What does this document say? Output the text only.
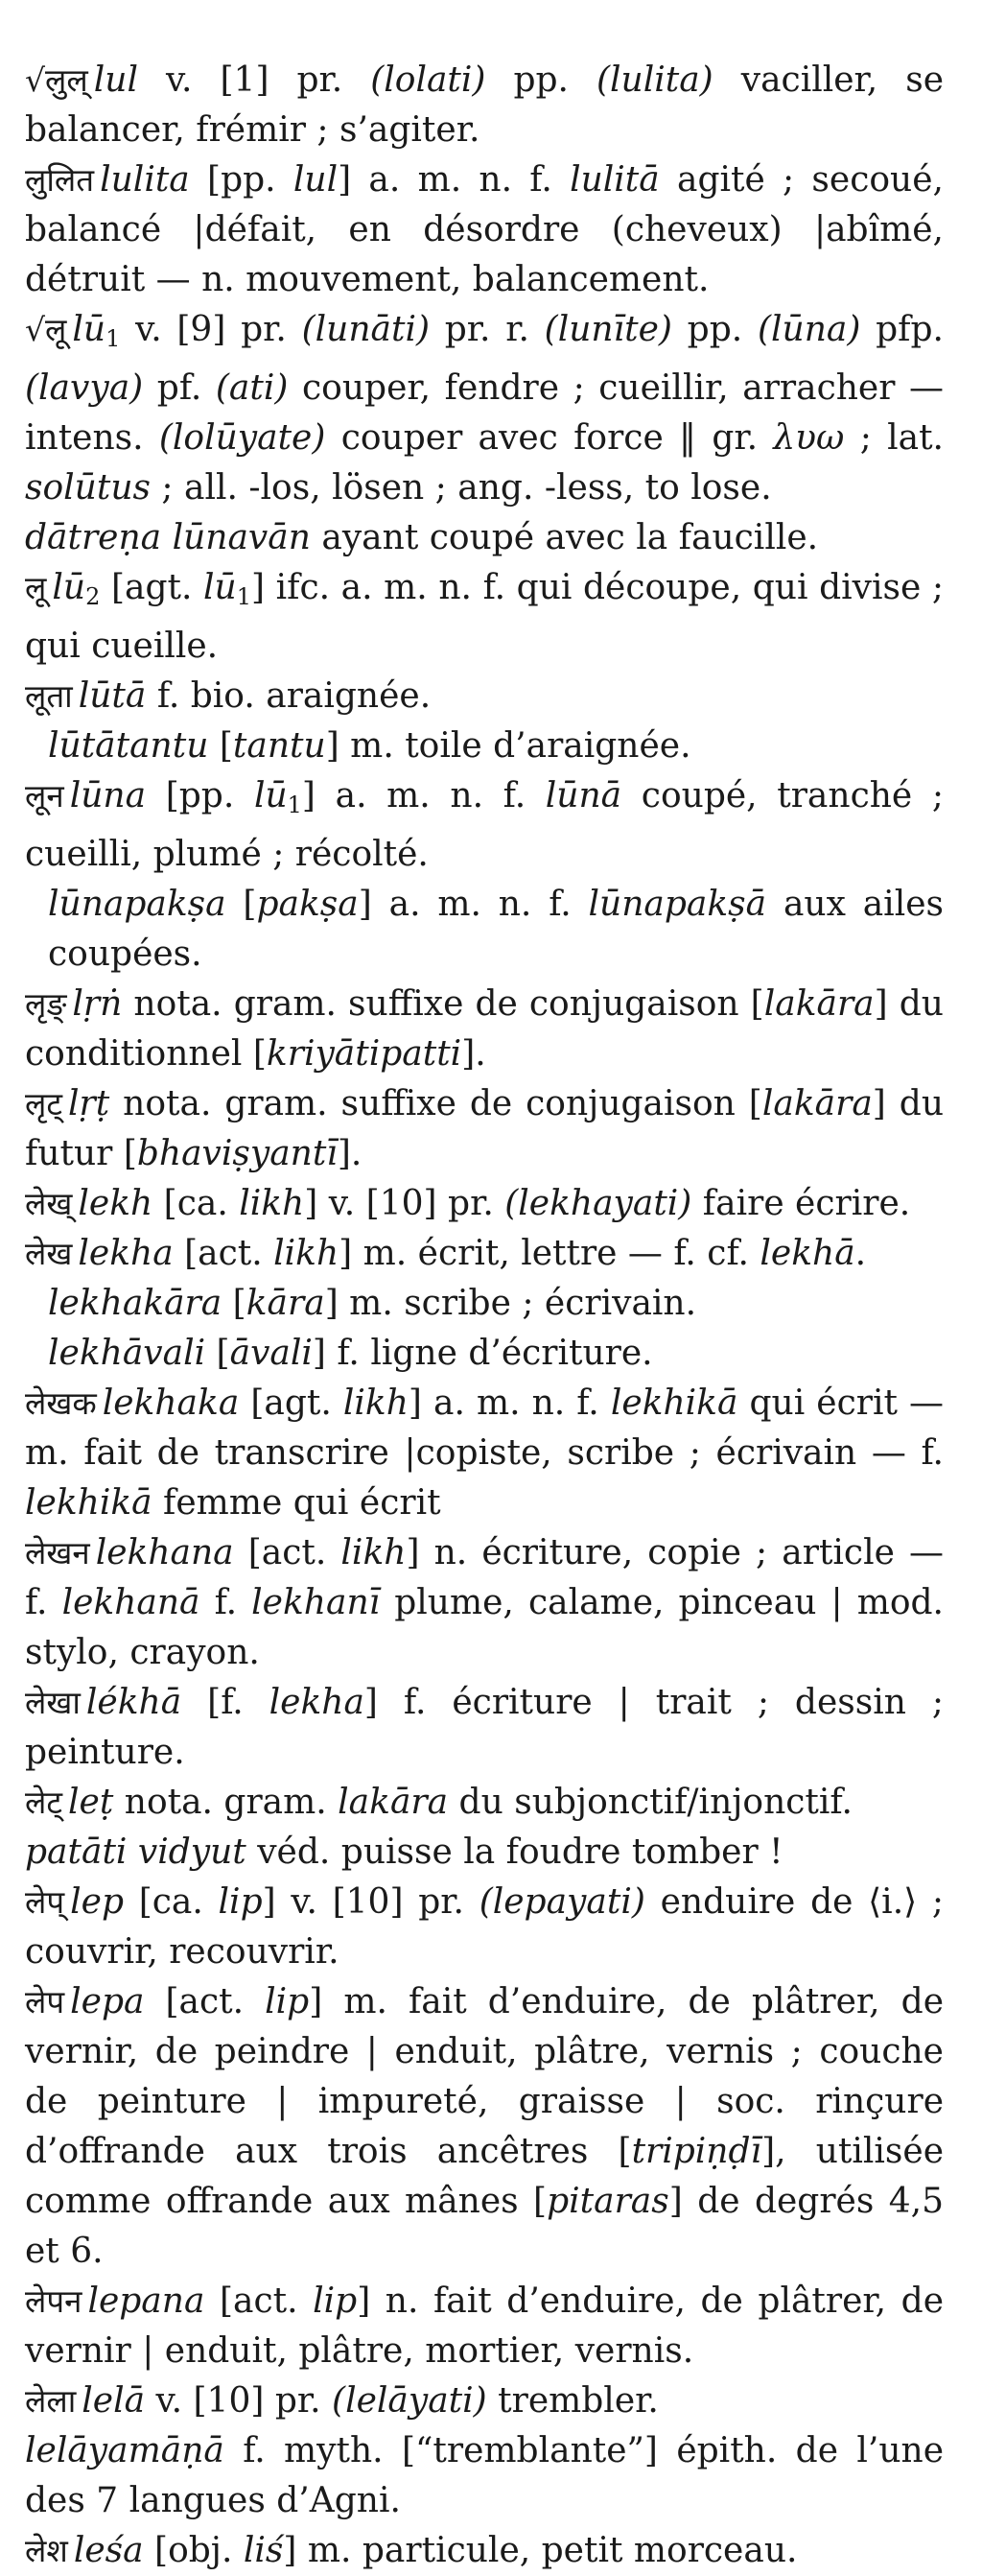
√लुल् lul v. [1] pr. (lolati) pp. (lulita) vaciller, se balancer, frémir ; s’agiter.
लुलित lulita [pp. lul] a. m. n. f. lulitā agité ; secoué, balancé |défait, en désordre (cheveux) |abîmé, détruit — n. mouvement, balancement.
√लू lū1 v. [9] pr. (lunāti) pr. r. (lunīte) pp. (lūna) pfp. (lavya) pf. (ati) couper, fendre ; cueillir, arracher — intens. (lolūyate) couper avec force ‖ gr. λυω ; lat. solūtus ; all. -los, lösen ; ang. -less, to lose.
dātreṇa lūnavān ayant coupé avec la faucille.
लू lū2 [agt. lū1] ifc. a. m. n. f. qui découpe, qui divise ; qui cueille.
लूता lūtā f. bio. araignée.
lūtātantu [tantu] m. toile d’araignée.
लून lūna [pp. lū1] a. m. n. f. lūnā coupé, tranché ; cueilli, plumé ; récolté.
lūnapakṣa [pakṣa] a. m. n. f. lūnapakṣā aux ailes coupées.
लृङ् lṛṅ nota. gram. suffixe de conjugaison [lakāra] du conditionnel [kriyātipatti].
लृट् lṛṭ nota. gram. suffixe de conjugaison [lakāra] du futur [bhaviṣyantī].
लेख् lekh [ca. likh] v. [10] pr. (lekhayati) faire écrire.
लेख lekha [act. likh] m. écrit, lettre — f. cf. lekhā.
lekhakāra [kāra] m. scribe ; écrivain.
lekhāvali [āvali] f. ligne d’écriture.
लेखक lekhaka [agt. likh] a. m. n. f. lekhikā qui écrit — m. fait de transcrire |copiste, scribe ; écrivain — f. lekhikā femme qui écrit
लेखन lekhana [act. likh] n. écriture, copie ; article — f. lekhanā f. lekhanī plume, calame, pinceau | mod. stylo, crayon.
लेखा lékhā [f. lekha] f. écriture | trait ; dessin ; peinture.
लेट् leṭ nota. gram. lakāra du subjonctif/injonctif.
patāti vidyut véd. puisse la foudre tomber !
लेप् lep [ca. lip] v. [10] pr. (lepayati) enduire de ⟨i.⟩ ; couvrir, recouvrir.
लेप lepa [act. lip] m. fait d’enduire, de plâtrer, de vernir, de peindre | enduit, plâtre, vernis ; couche de peinture | impureté, graisse | soc. rinçure d’offrande aux trois ancêtres [tripiṇḍī], utilisée comme offrande aux mânes [pitaras] de degrés 4,5 et 6.
लेपन lepana [act. lip] n. fait d’enduire, de plâtrer, de vernir | enduit, plâtre, mortier, vernis.
लेला lelā v. [10] pr. (lelāyati) trembler.
lelāyamāṇā f. myth. [“tremblante”] épith. de l’une des 7 langues d’Agni.
लेश leśa [obj. liś] m. particule, petit morceau.
